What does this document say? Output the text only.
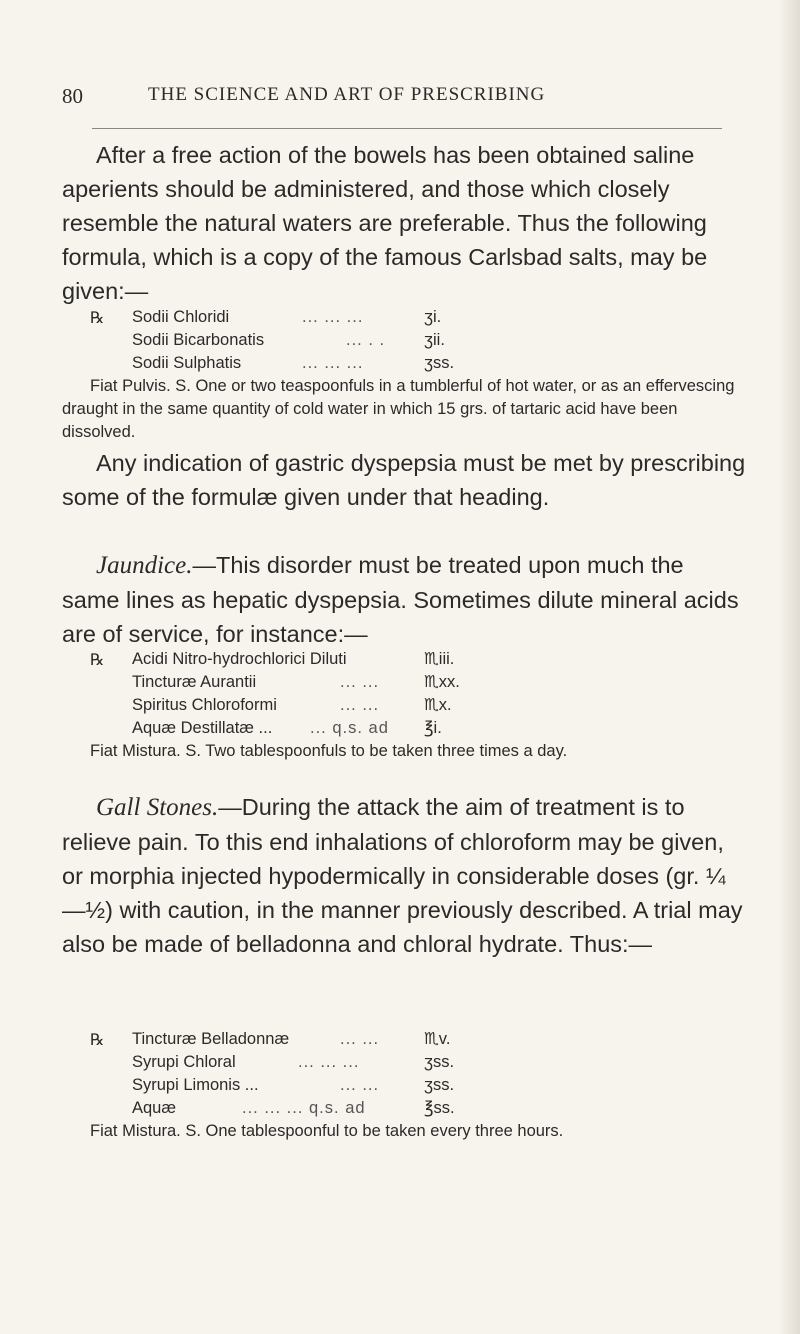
80	THE SCIENCE AND ART OF PRESCRIBING

After a free action of the bowels has been obtained saline aperients should be administered, and those which closely resemble the natural waters are preferable. Thus the following formula, which is a copy of the famous Carlsbad salts, may be given:—

℞ Sodii Chloridi	... ... ...	ʒi.
Sodii Bicarbonatis	... . . ʒii.
Sodii Sulphatis	... ... ...	ʒss.

Fiat Pulvis. S. One or two teaspoonfuls in a tumblerful of hot water, or as an effervescing draught in the same quantity of cold water in which 15 grs. of tartaric acid have been dissolved.

Any indication of gastric dyspepsia must be met by prescribing some of the formulæ given under that heading.

Jaundice.—This disorder must be treated upon much the same lines as hepatic dyspepsia. Sometimes dilute mineral acids are of service, for instance:—

℞ Acidi Nitro-hydrochlorici Diluti	♏iii.
Tincturæ Aurantii	... ...	♏xx.
Spiritus Chloroformi	... ...	♏x.
Aquæ Destillatæ ... ... q.s. ad ℥i.

Fiat Mistura. S. Two tablespoonfuls to be taken three times a day.

Gall Stones.—During the attack the aim of treatment is to relieve pain. To this end inhalations of chloroform may be given, or morphia injected hypodermically in considerable doses (gr. ¼—½) with caution, in the manner previously described. A trial may also be made of belladonna and chloral hydrate. Thus:—

℞ Tincturæ Belladonnæ	... ...	♏v.
Syrupi Chloral	... ... ...	ʒss.
Syrupi Limonis ...	... ...	ʒss.
Aquæ	... ... ... q.s. ad	℥ss.

Fiat Mistura. S. One tablespoonful to be taken every three hours.
